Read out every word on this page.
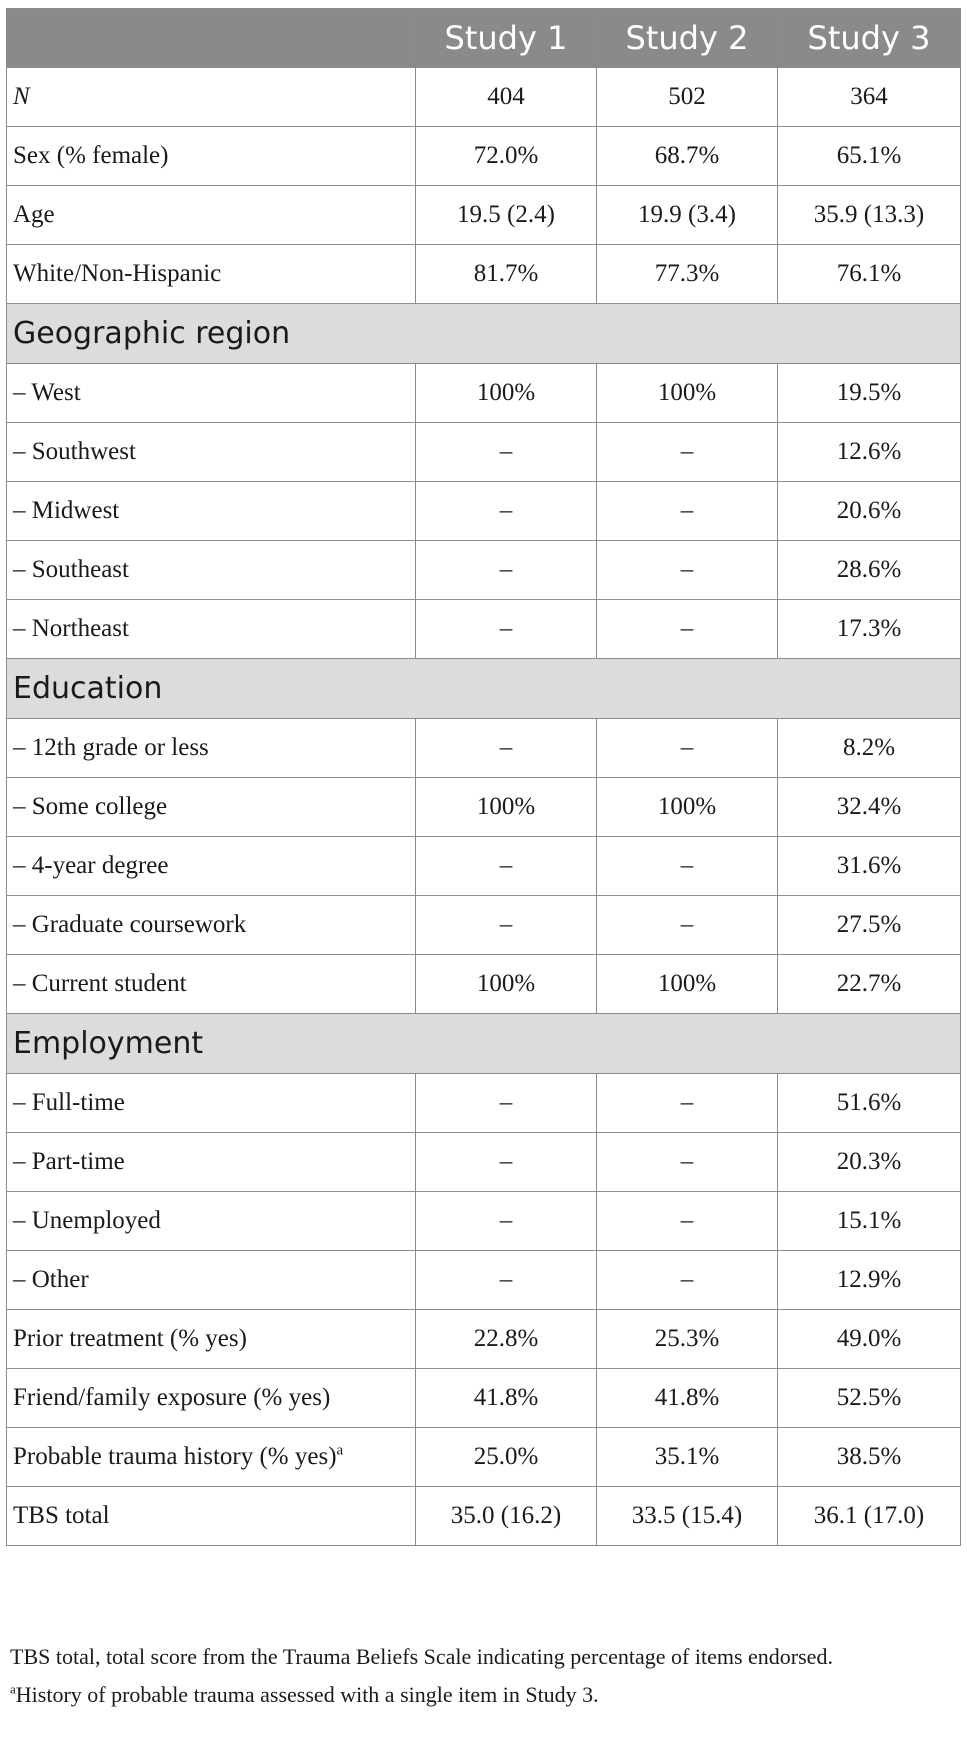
	Study 1	Study 2	Study 3
N	404	502	364
Sex (% female)	72.0%	68.7%	65.1%
Age	19.5 (2.4)	19.9 (3.4)	35.9 (13.3)
White/Non-Hispanic	81.7%	77.3%	76.1%
Geographic region			
– West	100%	100%	19.5%
– Southwest	–	–	12.6%
– Midwest	–	–	20.6%
– Southeast	–	–	28.6%
– Northeast	–	–	17.3%
Education			
– 12th grade or less	–	–	8.2%
– Some college	100%	100%	32.4%
– 4-year degree	–	–	31.6%
– Graduate coursework	–	–	27.5%
– Current student	100%	100%	22.7%
Employment			
– Full-time	–	–	51.6%
– Part-time	–	–	20.3%
– Unemployed	–	–	15.1%
– Other	–	–	12.9%
Prior treatment (% yes)	22.8%	25.3%	49.0%
Friend/family exposure (% yes)	41.8%	41.8%	52.5%
Probable trauma history (% yes)$^a$	25.0%	35.1%	38.5%
TBS total	35.0 (16.2)	33.5 (15.4)	36.1 (17.0)
TBS total, total score from the Trauma Beliefs Scale indicating percentage of items endorsed.
$^a$History of probable trauma assessed with a single item in Study 3.
